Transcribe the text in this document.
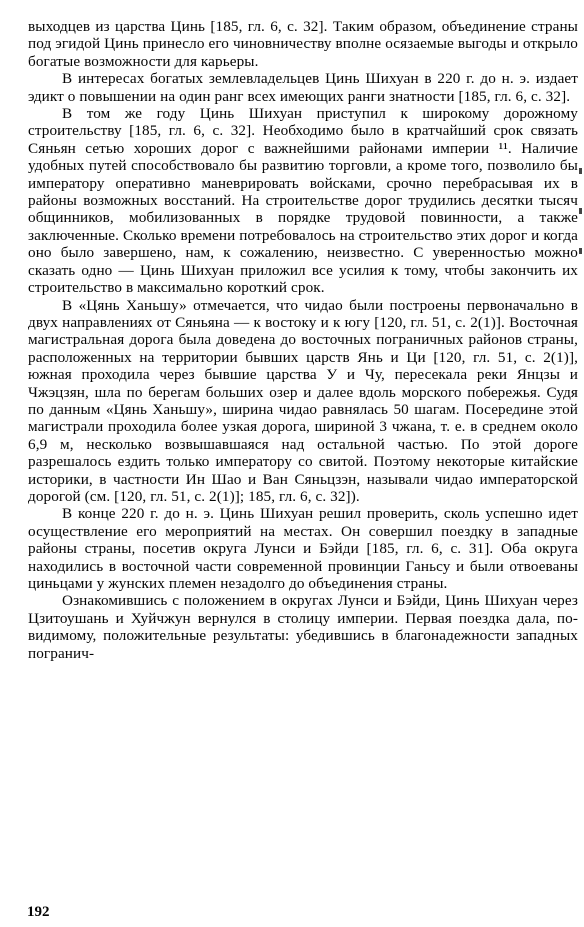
выходцев из царства Цинь [185, гл. 6, с. 32]. Таким образом, объединение страны под эгидой Цинь принесло его чиновничеству вполне осязаемые выгоды и открыло богатые возможности для карьеры.

В интересах богатых землевладельцев Цинь Шихуан в 220 г. до н. э. издает эдикт о повышении на один ранг всех имеющих ранги знатности [185, гл. 6, с. 32].

В том же году Цинь Шихуан приступил к широкому дорожному строительству [185, гл. 6, с. 32]. Необходимо было в кратчайший срок связать Сяньян сетью хороших дорог с важнейшими районами империи ¹¹. Наличие удобных путей способствовало бы развитию торговли, а кроме того, позволило бы императору оперативно маневрировать войсками, срочно перебрасывая их в районы возможных восстаний. На строительстве дорог трудились десятки тысяч общинников, мобилизованных в порядке трудовой повинности, а также заключенные. Сколько времени потребовалось на строительство этих дорог и когда оно было завершено, нам, к сожалению, неизвестно. С уверенностью можно сказать одно — Цинь Шихуан приложил все усилия к тому, чтобы закончить их строительство в максимально короткий срок.

В «Цянь Ханьшу» отмечается, что чидао были построены первоначально в двух направлениях от Сяньяна — к востоку и к югу [120, гл. 51, с. 2(1)]. Восточная магистральная дорога была доведена до восточных пограничных районов страны, расположенных на территории бывших царств Янь и Ци [120, гл. 51, с. 2(1)], южная проходила через бывшие царства У и Чу, пересекала реки Янцзы и Чжэцзян, шла по берегам больших озер и далее вдоль морского побережья. Судя по данным «Цянь Ханьшу», ширина чидао равнялась 50 шагам. Посередине этой магистрали проходила более узкая дорога, шириной 3 чжана, т. е. в среднем около 6,9 м, несколько возвышавшаяся над остальной частью. По этой дороге разрешалось ездить только императору со свитой. Поэтому некоторые китайские историки, в частности Ин Шао и Ван Сяньцзэн, называли чидао императорской дорогой (см. [120, гл. 51, с. 2(1)]; 185, гл. 6, с. 32]).

В конце 220 г. до н. э. Цинь Шихуан решил проверить, сколь успешно идет осуществление его мероприятий на местах. Он совершил поездку в западные районы страны, посетив округа Лунси и Бэйди [185, гл. 6, с. 31]. Оба округа находились в восточной части современной провинции Ганьсу и были отвоеваны циньцами у жунских племен незадолго до объединения страны.

Ознакомившись с положением в округах Лунси и Бэйди, Цинь Шихуан через Цзитоушань и Хуйчжун вернулся в столицу империи. Первая поездка дала, по-видимому, положительные результаты: убедившись в благонадежности западных погранич-

192
